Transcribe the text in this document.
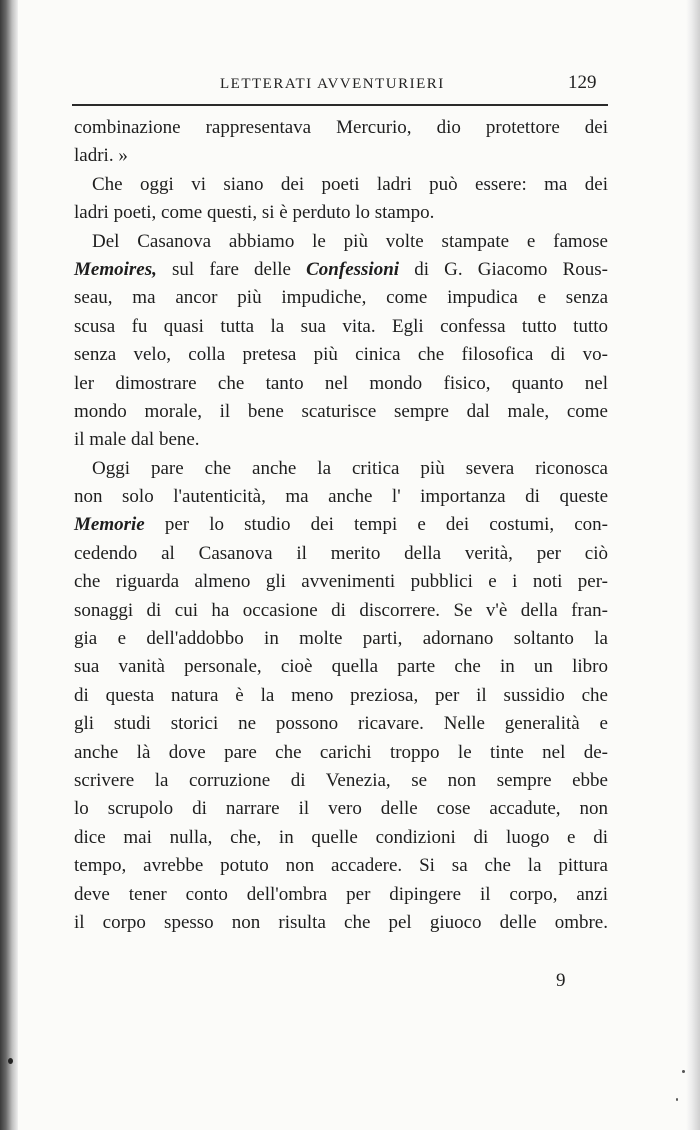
LETTERATI AVVENTURIERI	129
combinazione rappresentava Mercurio, dio protettore dei
ladri. »
Che oggi vi siano dei poeti ladri può essere: ma dei
ladri poeti, come questi, si è perduto lo stampo.
Del Casanova abbiamo le più volte stampate e famose
Memoires, sul fare delle Confessioni di G. Giacomo Rous-
seau, ma ancor più impudiche, come impudica e senza
scusa fu quasi tutta la sua vita. Egli confessa tutto tutto
senza velo, colla pretesa più cinica che filosofica di vo-
ler dimostrare che tanto nel mondo fisico, quanto nel
mondo morale, il bene scaturisce sempre dal male, come
il male dal bene.
Oggi pare che anche la critica più severa riconosca
non solo l'autenticità, ma anche l' importanza di queste
Memorie per lo studio dei tempi e dei costumi, con-
cedendo al Casanova il merito della verità, per ciò
che riguarda almeno gli avvenimenti pubblici e i noti per-
sonaggi di cui ha occasione di discorrere. Se v'è della fran-
gia e dell'addobbo in molte parti, adornano soltanto la
sua vanità personale, cioè quella parte che in un libro
di questa natura è la meno preziosa, per il sussidio che
gli studi storici ne possono ricavare. Nelle generalità e
anche là dove pare che carichi troppo le tinte nel de-
scrivere la corruzione di Venezia, se non sempre ebbe
lo scrupolo di narrare il vero delle cose accadute, non
dice mai nulla, che, in quelle condizioni di luogo e di
tempo, avrebbe potuto non accadere. Si sa che la pittura
deve tener conto dell'ombra per dipingere il corpo, anzi
il corpo spesso non risulta che pel giuoco delle ombre.
9
